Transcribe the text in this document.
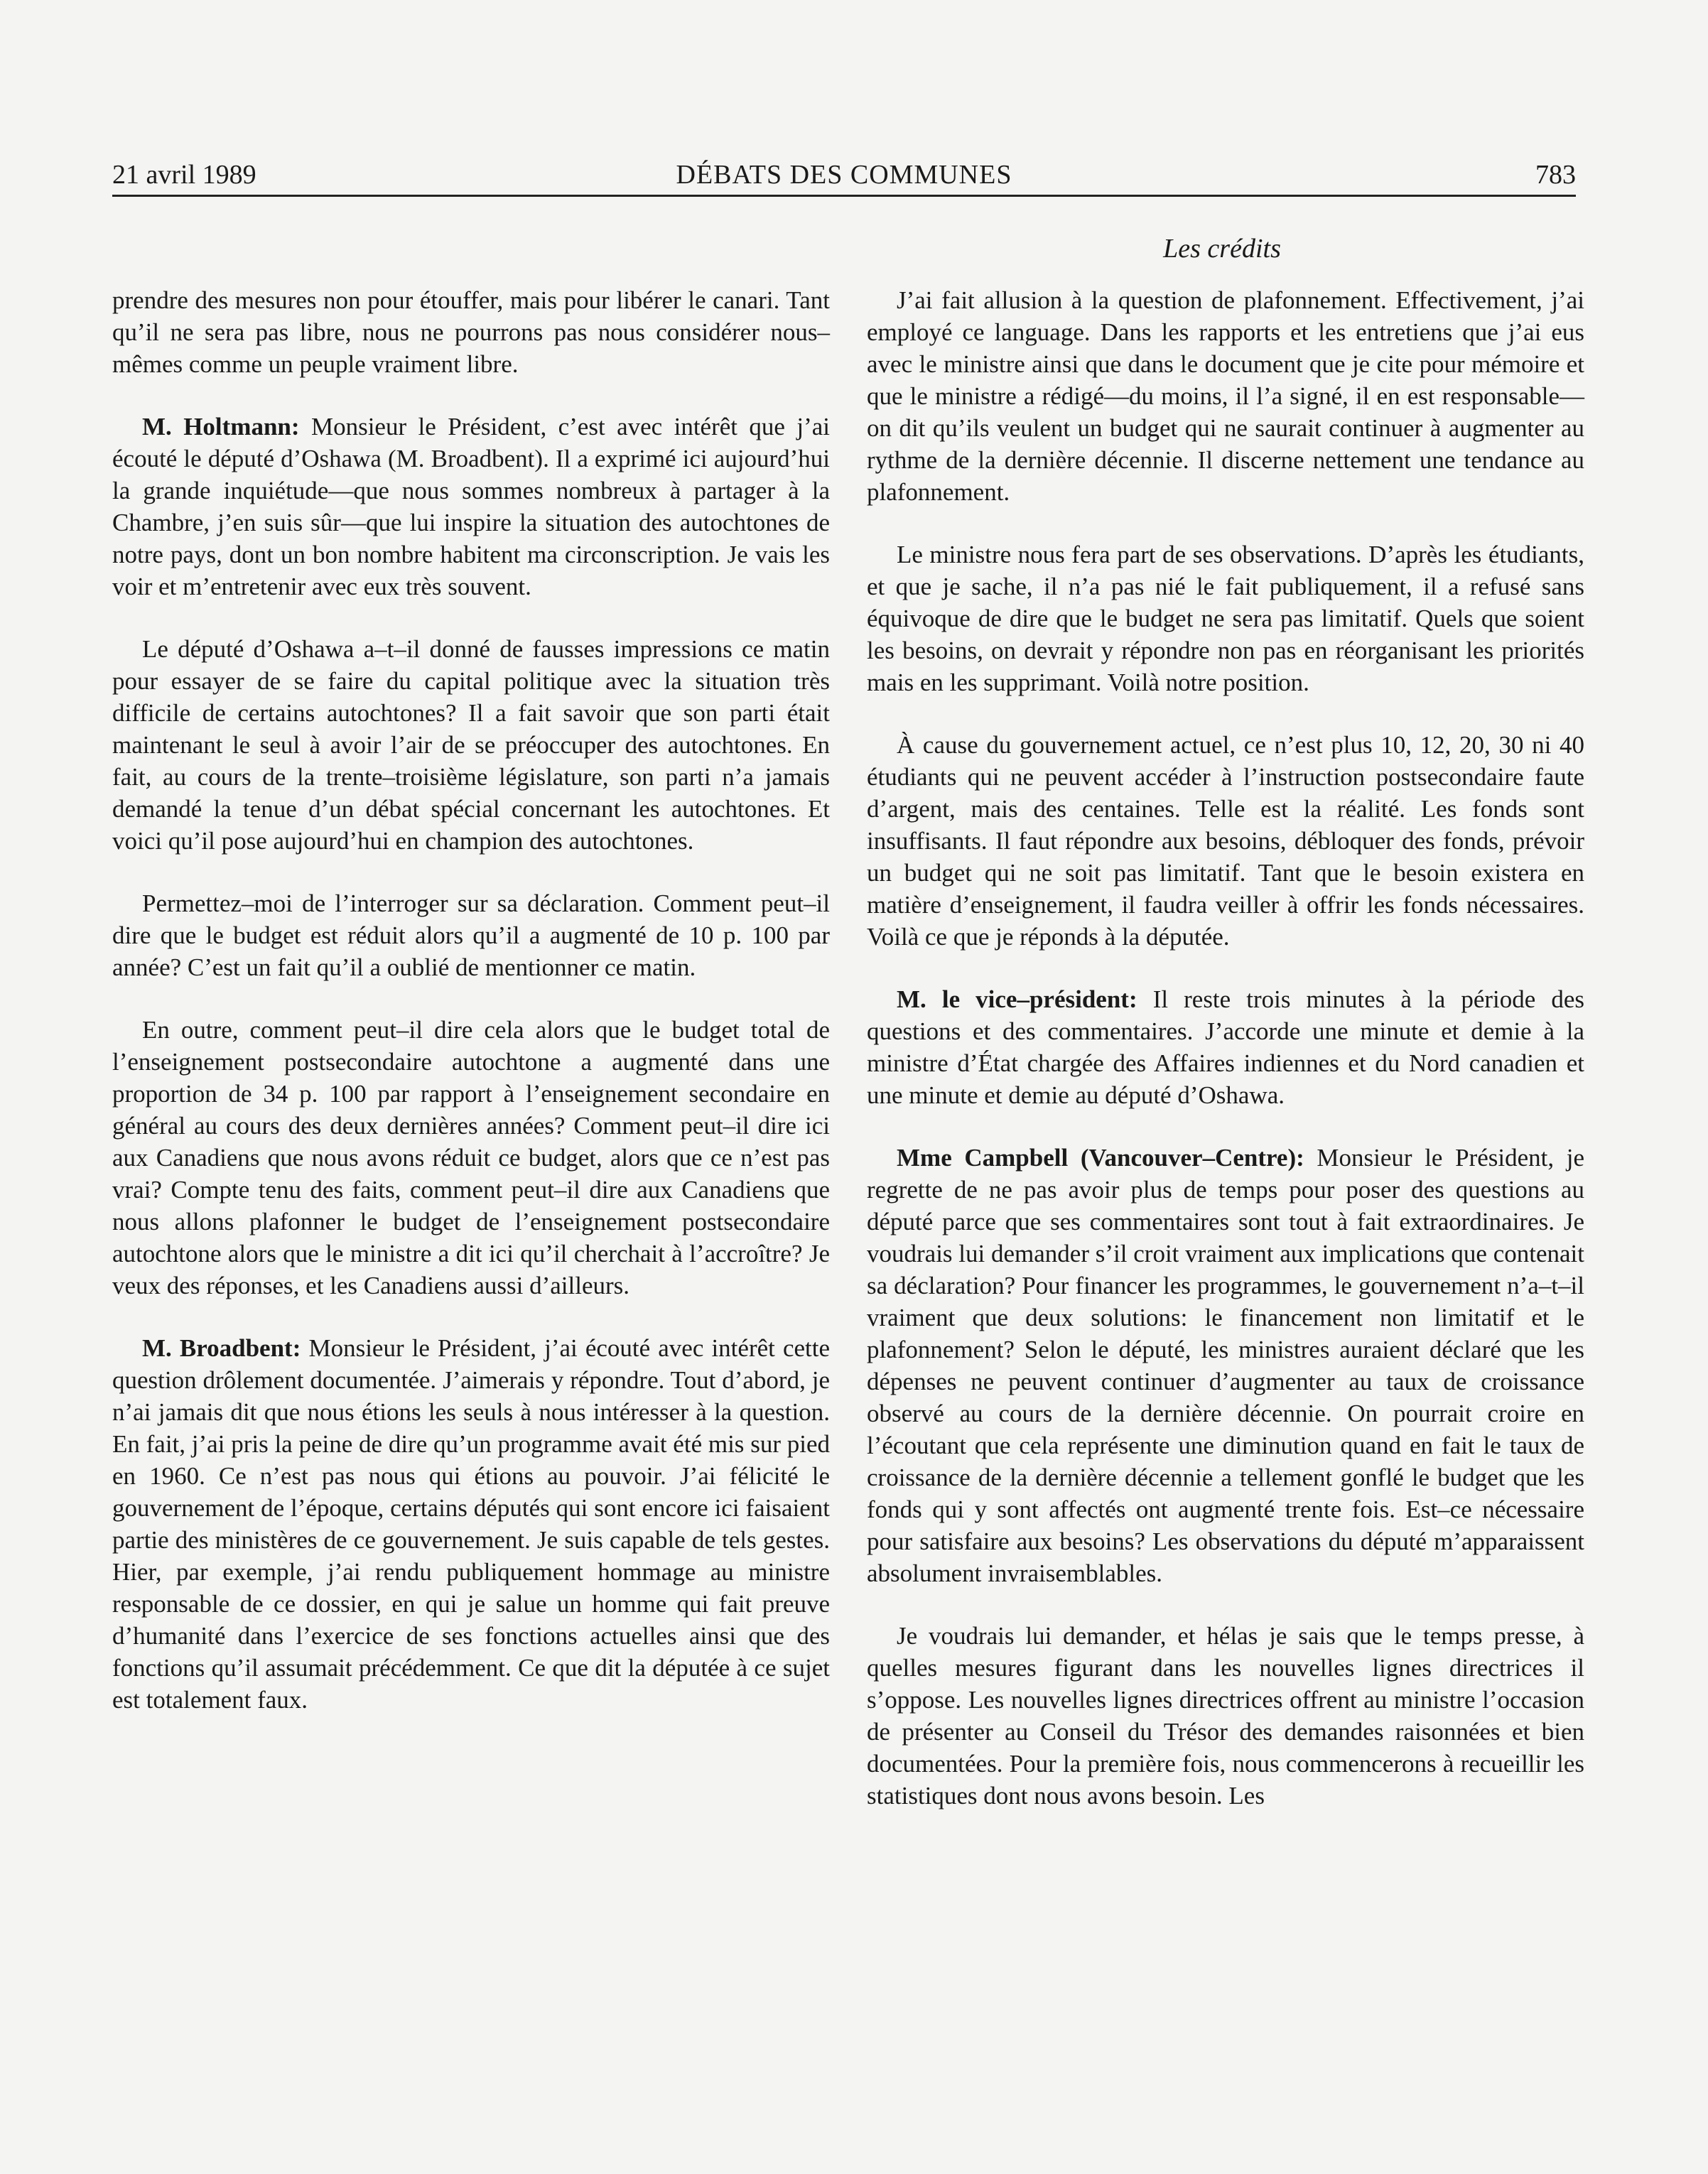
21 avril 1989	DÉBATS DES COMMUNES	783
Les crédits

prendre des mesures non pour étouffer, mais pour libérer le canari. Tant qu’il ne sera pas libre, nous ne pourrons pas nous considérer nous–mêmes comme un peuple vraiment libre.

M. Holtmann: Monsieur le Président, c’est avec intérêt que j’ai écouté le député d’Oshawa (M. Broadbent). Il a exprimé ici aujourd’hui la grande inquiétude—que nous sommes nombreux à partager à la Chambre, j’en suis sûr—que lui inspire la situation des autochtones de notre pays, dont un bon nombre habitent ma circonscription. Je vais les voir et m’entretenir avec eux très souvent.

Le député d’Oshawa a–t–il donné de fausses impressions ce matin pour essayer de se faire du capital politique avec la situation très difficile de certains autochtones? Il a fait savoir que son parti était maintenant le seul à avoir l’air de se préoccuper des autochtones. En fait, au cours de la trente–troisième législature, son parti n’a jamais demandé la tenue d’un débat spécial concernant les autochtones. Et voici qu’il pose aujourd’hui en champion des autochtones.

Permettez–moi de l’interroger sur sa déclaration. Comment peut–il dire que le budget est réduit alors qu’il a augmenté de 10 p. 100 par année? C’est un fait qu’il a oublié de mentionner ce matin.

En outre, comment peut–il dire cela alors que le budget total de l’enseignement postsecondaire autochtone a augmenté dans une proportion de 34 p. 100 par rapport à l’enseignement secondaire en général au cours des deux dernières années? Comment peut–il dire ici aux Canadiens que nous avons réduit ce budget, alors que ce n’est pas vrai? Compte tenu des faits, comment peut–il dire aux Canadiens que nous allons plafonner le budget de l’enseignement postsecondaire autochtone alors que le ministre a dit ici qu’il cherchait à l’accroître? Je veux des réponses, et les Canadiens aussi d’ailleurs.

M. Broadbent: Monsieur le Président, j’ai écouté avec intérêt cette question drôlement documentée. J’aimerais y répondre. Tout d’abord, je n’ai jamais dit que nous étions les seuls à nous intéresser à la question. En fait, j’ai pris la peine de dire qu’un programme avait été mis sur pied en 1960. Ce n’est pas nous qui étions au pouvoir. J’ai félicité le gouvernement de l’époque, certains députés qui sont encore ici faisaient partie des ministères de ce gouvernement. Je suis capable de tels gestes. Hier, par exemple, j’ai rendu publiquement hommage au ministre responsable de ce dossier, en qui je salue un homme qui fait preuve d’humanité dans l’exercice de ses fonctions actuelles ainsi que des fonctions qu’il assumait précédemment. Ce que dit la députée à ce sujet est totalement faux.

J’ai fait allusion à la question de plafonnement. Effectivement, j’ai employé ce language. Dans les rapports et les entretiens que j’ai eus avec le ministre ainsi que dans le document que je cite pour mémoire et que le ministre a rédigé—du moins, il l’a signé, il en est responsable—on dit qu’ils veulent un budget qui ne saurait continuer à augmenter au rythme de la dernière décennie. Il discerne nettement une tendance au plafonnement.

Le ministre nous fera part de ses observations. D’après les étudiants, et que je sache, il n’a pas nié le fait publiquement, il a refusé sans équivoque de dire que le budget ne sera pas limitatif. Quels que soient les besoins, on devrait y répondre non pas en réorganisant les priorités mais en les supprimant. Voilà notre position.

À cause du gouvernement actuel, ce n’est plus 10, 12, 20, 30 ni 40 étudiants qui ne peuvent accéder à l’instruction postsecondaire faute d’argent, mais des centaines. Telle est la réalité. Les fonds sont insuffisants. Il faut répondre aux besoins, débloquer des fonds, prévoir un budget qui ne soit pas limitatif. Tant que le besoin existera en matière d’enseignement, il faudra veiller à offrir les fonds nécessaires. Voilà ce que je réponds à la députée.

M. le vice–président: Il reste trois minutes à la période des questions et des commentaires. J’accorde une minute et demie à la ministre d’État chargée des Affaires indiennes et du Nord canadien et une minute et demie au député d’Oshawa.

Mme Campbell (Vancouver–Centre): Monsieur le Président, je regrette de ne pas avoir plus de temps pour poser des questions au député parce que ses commentaires sont tout à fait extraordinaires. Je voudrais lui demander s’il croit vraiment aux implications que contenait sa déclaration? Pour financer les programmes, le gouvernement n’a–t–il vraiment que deux solutions: le financement non limitatif et le plafonnement? Selon le député, les ministres auraient déclaré que les dépenses ne peuvent continuer d’augmenter au taux de croissance observé au cours de la dernière décennie. On pourrait croire en l’écoutant que cela représente une diminution quand en fait le taux de croissance de la dernière décennie a tellement gonflé le budget que les fonds qui y sont affectés ont augmenté trente fois. Est–ce nécessaire pour satisfaire aux besoins? Les observations du député m’apparaissent absolument invraisemblables.

Je voudrais lui demander, et hélas je sais que le temps presse, à quelles mesures figurant dans les nouvelles lignes directrices il s’oppose. Les nouvelles lignes directrices offrent au ministre l’occasion de présenter au Conseil du Trésor des demandes raisonnées et bien documentées. Pour la première fois, nous commencerons à recueillir les statistiques dont nous avons besoin. Les
